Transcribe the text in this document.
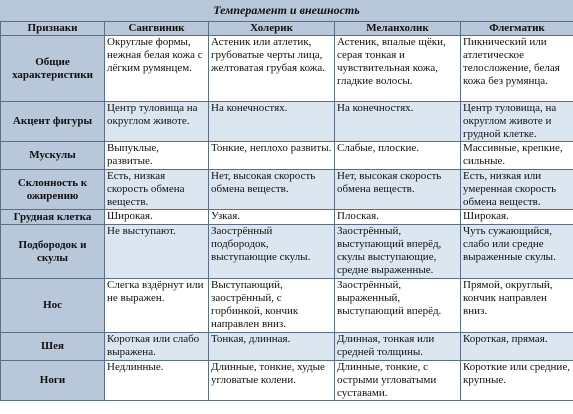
Темперамент и внешность
Признаки	Сангвиник	Холерик	Меланхолик	Флегматик
Общие характеристики	Округлые формы, нежная белая кожа с лёгким румянцем.	Астеник или атлетик, грубоватые черты лица, желтоватая грубая кожа.	Астеник, впалые щёки, серая тонкая и чувствительная кожа, гладкие волосы.	Пикнический или атлетическое телосложение, белая кожа без румянца.
Акцент фигуры	Центр туловища на округлом животе.	На конечностях.	На конечностях.	Центр туловища, на округлом животе и грудной клетке.
Мускулы	Выпуклые, развитые.	Тонкие, неплохо развиты.	Слабые, плоские.	Массивные, крепкие, сильные.
Склонность к ожирению	Есть, низкая скорость обмена веществ.	Нет, высокая скорость обмена веществ.	Нет, высокая скорость обмена веществ.	Есть, низкая или умеренная скорость обмена веществ.
Грудная клетка	Широкая.	Узкая.	Плоская.	Широкая.
Подбородок и скулы	Не выступают.	Заострённый подбородок, выступающие скулы.	Заострённый, выступающий вперёд, скулы выступающие, средне выраженные.	Чуть сужающийся, слабо или средне выраженные скулы.
Нос	Слегка вздёрнут или не выражен.	Выступающий, заострённый, с горбинкой, кончик направлен вниз.	Заострённый, выраженный, выступающий вперёд.	Прямой, округлый, кончик направлен вниз.
Шея	Короткая или слабо выражена.	Тонкая, длинная.	Длинная, тонкая или средней толщины.	Короткая, прямая.
Ноги	Недлинные.	Длинные, тонкие, худые угловатые колени.	Длинные, тонкие, с острыми угловатыми суставами.	Короткие или средние, крупные.
